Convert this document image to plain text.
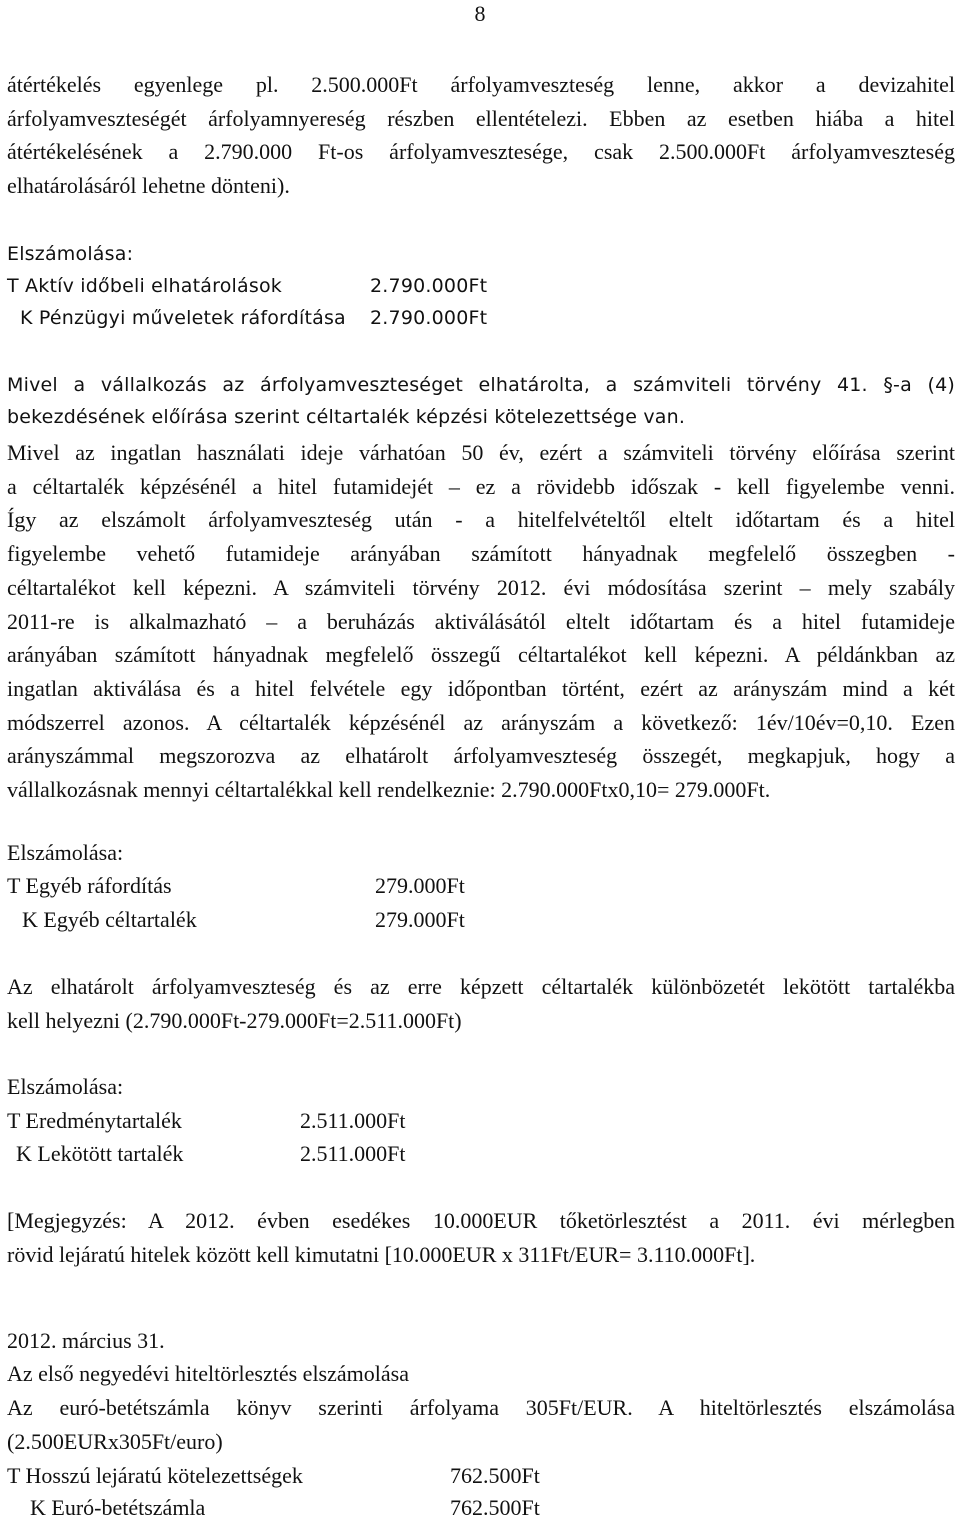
8
átértékelés egyenlege pl. 2.500.000Ft árfolyamveszteség lenne, akkor a devizahitel
árfolyamveszteségét árfolyamnyereség részben ellentételezi. Ebben az esetben hiába a hitel
átértékelésének a 2.790.000 Ft-os árfolyamvesztesége, csak 2.500.000Ft árfolyamveszteség
elhatárolásáról lehetne dönteni).
Elszámolása:
T Aktív időbeli elhatárolások	2.790.000Ft
K Pénzügyi műveletek ráfordítása 2.790.000Ft
Mivel a vállalkozás az árfolyamveszteséget elhatárolta, a számviteli törvény 41. §-a (4)
bekezdésének előírása szerint céltartalék képzési kötelezettsége van.
Mivel az ingatlan használati ideje várhatóan 50 év, ezért a számviteli törvény előírása szerint
a céltartalék képzésénél a hitel futamidejét – ez a rövidebb időszak - kell figyelembe venni.
Így az elszámolt árfolyamveszteség után - a hitelfelvételtől eltelt időtartam és a hitel
figyelembe vehető futamideje arányában számított hányadnak megfelelő összegben -
céltartalékot kell képezni. A számviteli törvény 2012. évi módosítása szerint – mely szabály
2011-re is alkalmazható – a beruházás aktiválásától eltelt időtartam és a hitel futamideje
arányában számított hányadnak megfelelő összegű céltartalékot kell képezni. A példánkban az
ingatlan aktiválása és a hitel felvétele egy időpontban történt, ezért az arányszám mind a két
módszerrel azonos. A céltartalék képzésénél az arányszám a következő: 1év/10év=0,10. Ezen
arányszámmal megszorozva az elhatárolt árfolyamveszteség összegét, megkapjuk, hogy a
vállalkozásnak mennyi céltartalékkal kell rendelkeznie: 2.790.000Ftx0,10= 279.000Ft.
Elszámolása:
T Egyéb ráfordítás	279.000Ft
K Egyéb céltartalék	279.000Ft
Az elhatárolt árfolyamveszteség és az erre képzett céltartalék különbözetét lekötött tartalékba
kell helyezni (2.790.000Ft-279.000Ft=2.511.000Ft)
Elszámolása:
T Eredménytartalék	2.511.000Ft
K Lekötött tartalék	2.511.000Ft
[Megjegyzés: A 2012. évben esedékes 10.000EUR tőketörlesztést a 2011. évi mérlegben
rövid lejáratú hitelek között kell kimutatni [10.000EUR x 311Ft/EUR= 3.110.000Ft].
2012. március 31.
Az első negyedévi hiteltörlesztés elszámolása
Az euró-betétszámla könyv szerinti árfolyama 305Ft/EUR. A hiteltörlesztés elszámolása
(2.500EURx305Ft/euro)
T Hosszú lejáratú kötelezettségek	762.500Ft
K Euró-betétszámla	762.500Ft
